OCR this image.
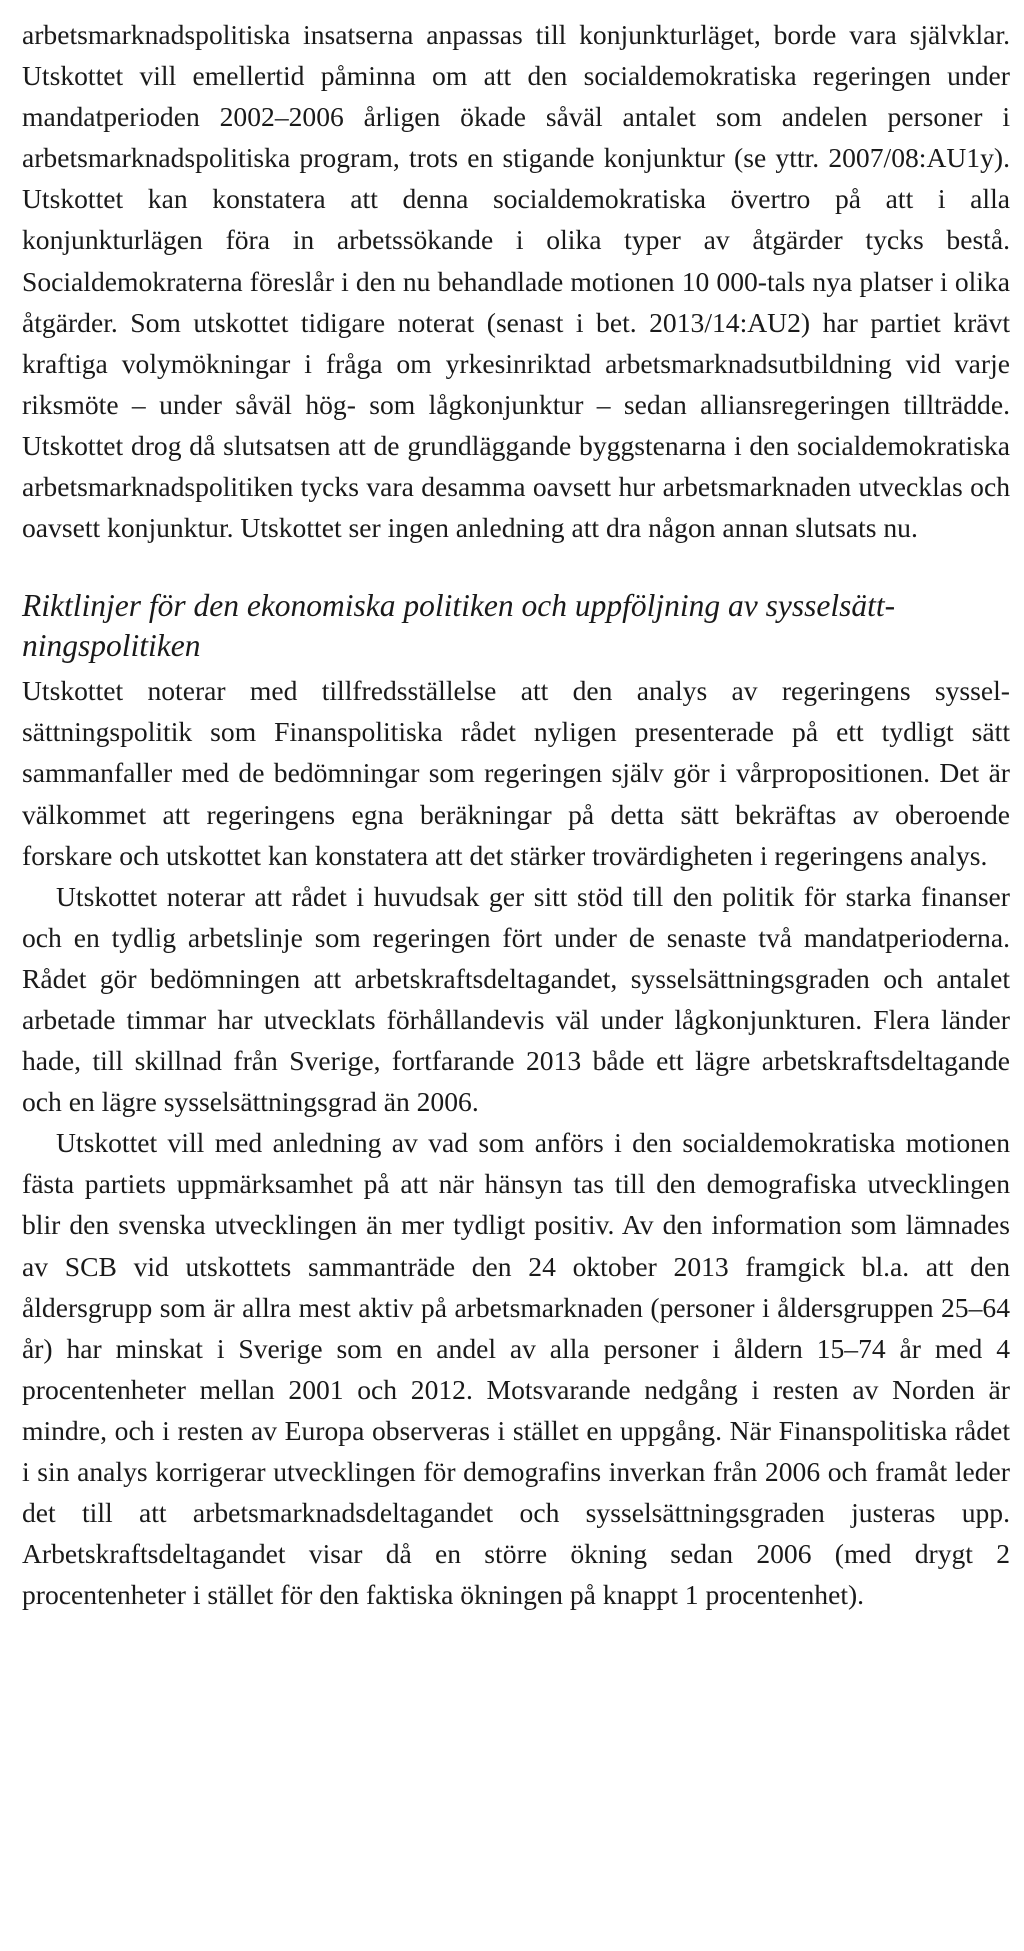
arbetsmarknadspolitiska insatserna anpassas till konjunkturläget, borde vara självklar. Utskottet vill emellertid påminna om att den socialdemokratiska regeringen under mandatperioden 2002–2006 årligen ökade såväl antalet som andelen personer i arbetsmarknadspolitiska program, trots en stigande konjunktur (se yttr. 2007/08:AU1y). Utskottet kan konstatera att denna socialdemokratiska övertro på att i alla konjunkturlägen föra in arbetssökande i olika typer av åtgärder tycks bestå. Socialdemokraterna föreslår i den nu behandlade motionen 10 000-tals nya platser i olika åtgärder. Som utskottet tidigare noterat (senast i bet. 2013/14:AU2) har partiet krävt kraftiga volymökningar i fråga om yrkesinriktad arbetsmarknadsutbildning vid varje riksmöte – under såväl hög- som lågkonjunktur – sedan alliansregeringen tillträdde. Utskottet drog då slutsatsen att de grundläggande byggstenarna i den socialdemokratiska arbetsmarknadspolitiken tycks vara desamma oavsett hur arbetsmarknaden utvecklas och oavsett konjunktur. Utskottet ser ingen anledning att dra någon annan slutsats nu.

Riktlinjer för den ekonomiska politiken och uppföljning av sysselsättningspolitiken

Utskottet noterar med tillfredsställelse att den analys av regeringens sysselsättningspolitik som Finanspolitiska rådet nyligen presenterade på ett tydligt sätt sammanfaller med de bedömningar som regeringen själv gör i vårpropositionen. Det är välkommet att regeringens egna beräkningar på detta sätt bekräftas av oberoende forskare och utskottet kan konstatera att det stärker trovärdigheten i regeringens analys.

Utskottet noterar att rådet i huvudsak ger sitt stöd till den politik för starka finanser och en tydlig arbetslinje som regeringen fört under de senaste två mandatperioderna. Rådet gör bedömningen att arbetskraftsdeltagandet, sysselsättningsgraden och antalet arbetade timmar har utvecklats förhållandevis väl under lågkonjunkturen. Flera länder hade, till skillnad från Sverige, fortfarande 2013 både ett lägre arbetskraftsdeltagande och en lägre sysselsättningsgrad än 2006.

Utskottet vill med anledning av vad som anförs i den socialdemokratiska motionen fästa partiets uppmärksamhet på att när hänsyn tas till den demografiska utvecklingen blir den svenska utvecklingen än mer tydligt positiv. Av den information som lämnades av SCB vid utskottets sammanträde den 24 oktober 2013 framgick bl.a. att den åldersgrupp som är allra mest aktiv på arbetsmarknaden (personer i åldersgruppen 25–64 år) har minskat i Sverige som en andel av alla personer i åldern 15–74 år med 4 procentenheter mellan 2001 och 2012. Motsvarande nedgång i resten av Norden är mindre, och i resten av Europa observeras i stället en uppgång. När Finanspolitiska rådet i sin analys korrigerar utvecklingen för demografins inverkan från 2006 och framåt leder det till att arbetsmarknadsdeltagandet och sysselsättningsgraden justeras upp. Arbetskraftsdeltagandet visar då en större ökning sedan 2006 (med drygt 2 procentenheter i stället för den faktiska ökningen på knappt 1 procentenhet).
